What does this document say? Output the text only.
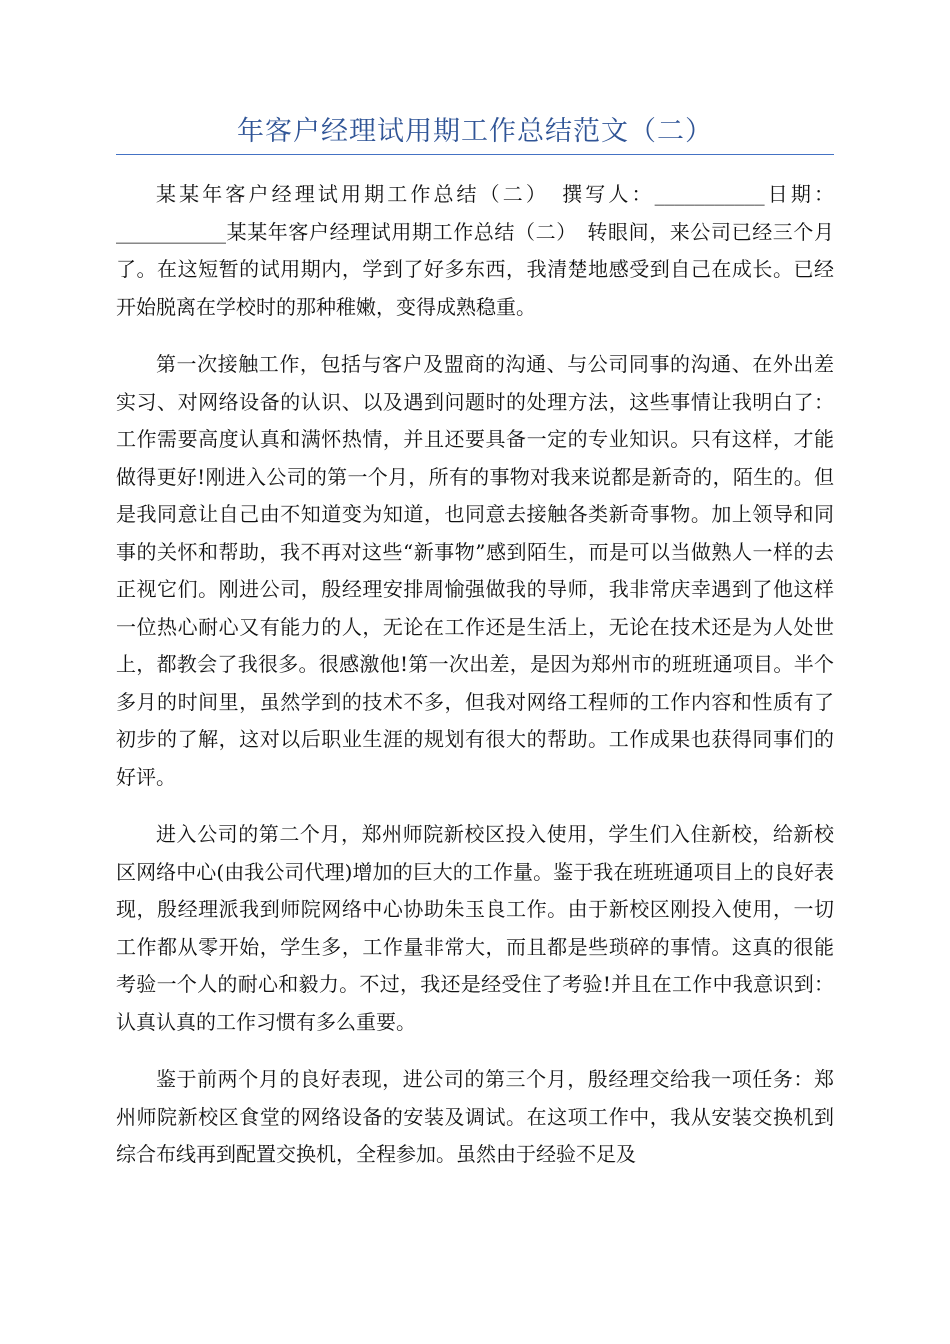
年客户经理试用期工作总结范文（二）

某某年客户经理试用期工作总结（二）　撰写人：___________日期：___________某某年客户经理试用期工作总结（二）　转眼间，来公司已经三个月了。在这短暂的试用期内，学到了好多东西，我清楚地感受到自己在成长。已经开始脱离在学校时的那种稚嫩，变得成熟稳重。

第一次接触工作，包括与客户及盟商的沟通、与公司同事的沟通、在外出差实习、对网络设备的认识、以及遇到问题时的处理方法，这些事情让我明白了：工作需要高度认真和满怀热情，并且还要具备一定的专业知识。只有这样，才能做得更好!刚进入公司的第一个月，所有的事物对我来说都是新奇的，陌生的。但是我同意让自己由不知道变为知道，也同意去接触各类新奇事物。加上领导和同事的关怀和帮助，我不再对这些“新事物”感到陌生，而是可以当做熟人一样的去正视它们。刚进公司，殷经理安排周愉强做我的导师，我非常庆幸遇到了他这样一位热心耐心又有能力的人，无论在工作还是生活上，无论在技术还是为人处世上，都教会了我很多。很感激他!第一次出差，是因为郑州市的班班通项目。半个多月的时间里，虽然学到的技术不多，但我对网络工程师的工作内容和性质有了初步的了解，这对以后职业生涯的规划有很大的帮助。工作成果也获得同事们的好评。

进入公司的第二个月，郑州师院新校区投入使用，学生们入住新校，给新校区网络中心(由我公司代理)增加的巨大的工作量。鉴于我在班班通项目上的良好表现，殷经理派我到师院网络中心协助朱玉良工作。由于新校区刚投入使用，一切工作都从零开始，学生多，工作量非常大，而且都是些琐碎的事情。这真的很能考验一个人的耐心和毅力。不过，我还是经受住了考验!并且在工作中我意识到：认真认真的工作习惯有多么重要。

鉴于前两个月的良好表现，进公司的第三个月，殷经理交给我一项任务：郑州师院新校区食堂的网络设备的安装及调试。在这项工作中，我从安装交换机到综合布线再到配置交换机，全程参加。虽然由于经验不足及
